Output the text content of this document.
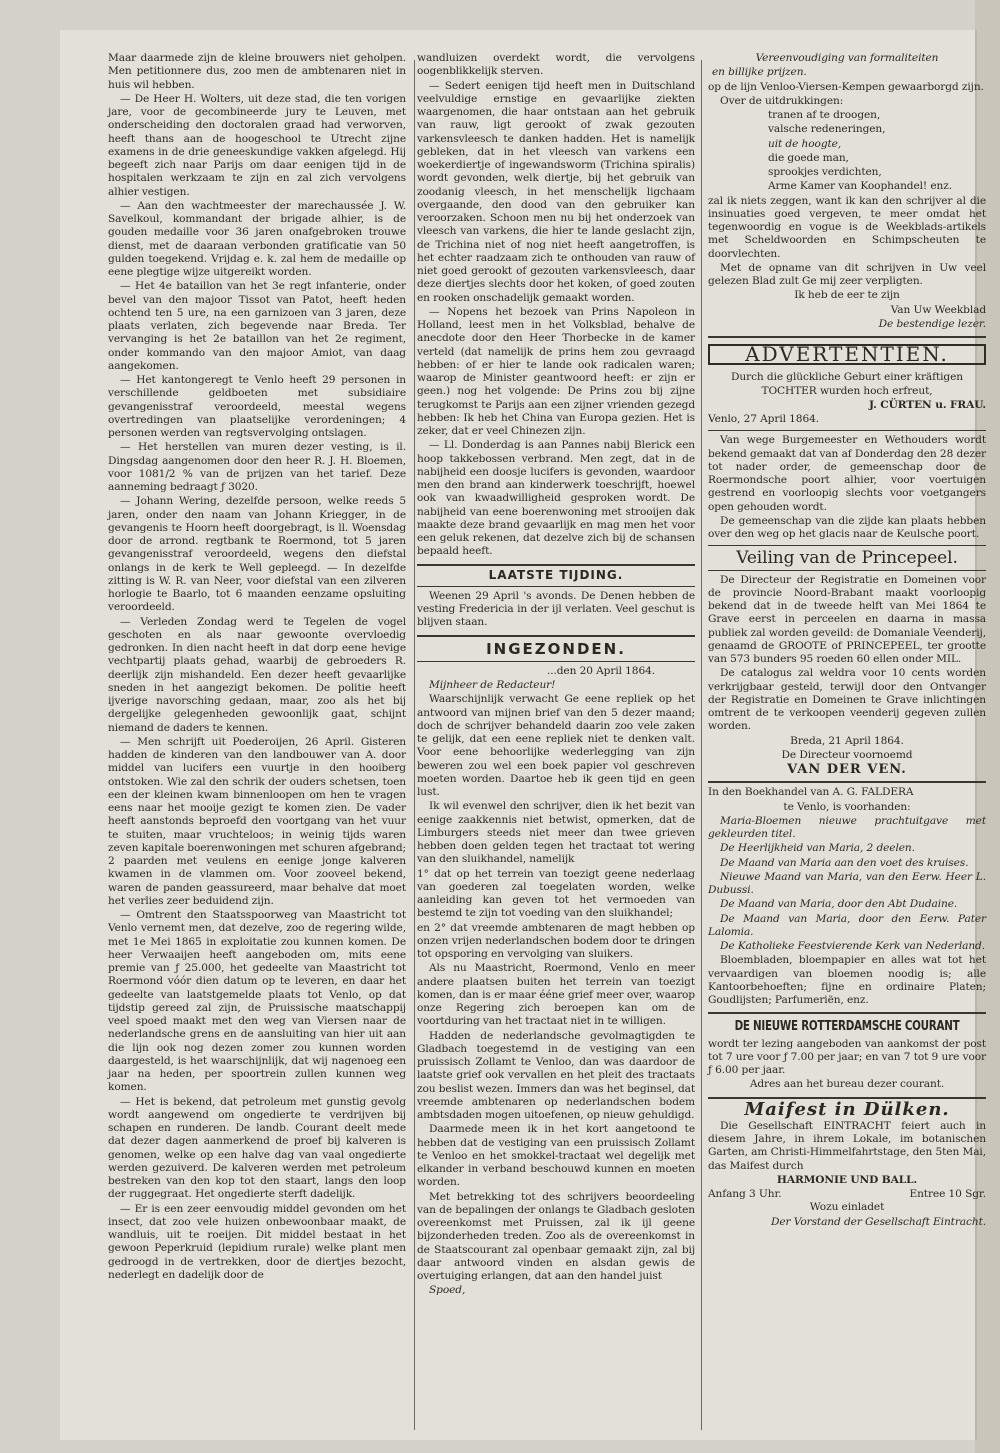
Maar daarmede zijn de kleine brouwers niet geholpen. Men petitionnere dus, zoo men de ambtenaren niet in huis wil hebben.

— De Heer H. Wolters, uit deze stad, die ten vorigen jare, voor de gecombineerde jury te Leuven, met onderscheiding den doctoralen graad had verworven, heeft thans aan de hoogeschool te Utrecht zijne examens in de drie geneeskundige vakken afgelegd. Hij begeeft zich naar Parijs om daar eenigen tijd in de hospitalen werkzaam te zijn en zal zich vervolgens alhier vestigen.

— Aan den wachtmeester der marechaussée J. W. Savelkoul, kommandant der brigade alhier, is de gouden medaille voor 36 jaren onafgebroken trouwe dienst, met de daaraan verbonden gratificatie van 50 gulden toegekend. Vrijdag e. k. zal hem de medaille op eene plegtige wijze uitgereikt worden.

— Het 4e bataillon van het 3e regt infanterie, onder bevel van den majoor Tissot van Patot, heeft heden ochtend ten 5 ure, na een garnizoen van 3 jaren, deze plaats verlaten, zich begevende naar Breda. Ter vervanging is het 2e bataillon van het 2e regiment, onder kommando van den majoor Amiot, van daag aangekomen.

— Het kantongeregt te Venlo heeft 29 personen in verschillende geldboeten met subsidiaire gevangenisstraf veroordeeld, meestal wegens overtredingen van plaatselijke verordeningen; 4 personen werden van regtsvervolging ontslagen.

— Het herstellen van muren dezer vesting, is il. Dingsdag aangenomen door den heer R. J. H. Bloemen, voor 1081/2 % van de prijzen van het tarief. Deze aanneming bedraagt ƒ 3020.

— Johann Wering, dezelfde persoon, welke reeds 5 jaren, onder den naam van Johann Kriegger, in de gevangenis te Hoorn heeft doorgebragt, is ll. Woensdag door de arrond. regtbank te Roermond, tot 5 jaren gevangenisstraf veroordeeld, wegens den diefstal onlangs in de kerk te Well gepleegd. — In dezelfde zitting is W. R. van Neer, voor diefstal van een zilveren horlogie te Baarlo, tot 6 maanden eenzame opsluiting veroordeeld.

— Verleden Zondag werd te Tegelen de vogel geschoten en als naar gewoonte overvloedig gedronken. In dien nacht heeft in dat dorp eene hevige vechtpartij plaats gehad, waarbij de gebroeders R. deerlijk zijn mishandeld. Een dezer heeft gevaarlijke sneden in het aangezigt bekomen. De politie heeft ijverige navorsching gedaan, maar, zoo als het bij dergelijke gelegenheden gewoonlijk gaat, schijnt niemand de daders te kennen.

— Men schrijft uit Poederoijen, 26 April. Gisteren hadden de kinderen van den landbouwer van A. door middel van lucifers een vuurtje in den hooiberg ontstoken. Wie zal den schrik der ouders schetsen, toen een der kleinen kwam binnenloopen om hen te vragen eens naar het mooije gezigt te komen zien. De vader heeft aanstonds beproefd den voortgang van het vuur te stuiten, maar vruchteloos; in weinig tijds waren zeven kapitale boerenwoningen met schuren afgebrand; 2 paarden met veulens en eenige jonge kalveren kwamen in de vlammen om. Voor zooveel bekend, waren de panden geassureerd, maar behalve dat moet het verlies zeer beduidend zijn.

— Omtrent den Staatsspoorweg van Maastricht tot Venlo vernemt men, dat dezelve, zoo de regering wilde, met 1e Mei 1865 in exploitatie zou kunnen komen. De heer Verwaaijen heeft aangeboden om, mits eene premie van ƒ 25.000, het gedeelte van Maastricht tot Roermond vóór dien datum op te leveren, en daar het gedeelte van laatstgemelde plaats tot Venlo, op dat tijdstip gereed zal zijn, de Pruissische maatschappij veel spoed maakt met den weg van Viersen naar de nederlandsche grens en de aansluiting van hier uit aan die lijn ook nog dezen zomer zou kunnen worden daargesteld, is het waarschijnlijk, dat wij nagenoeg een jaar na heden, per spoortrein zullen kunnen weg komen.

— Het is bekend, dat petroleum met gunstig gevolg wordt aangewend om ongedierte te verdrijven bij schapen en runderen. De landb. Courant deelt mede dat dezer dagen aanmerkend de proef bij kalveren is genomen, welke op een halve dag van vaal ongedierte werden gezuiverd. De kalveren werden met petroleum bestreken van den kop tot den staart, langs den loop der ruggegraat. Het ongedierte sterft dadelijk.

— Er is een zeer eenvoudig middel gevonden om het insect, dat zoo vele huizen onbewoonbaar maakt, de wandluis, uit te roeijen. Dit middel bestaat in het gewoon Peperkruid (lepidium rurale) welke plant men gedroogd in de vertrekken, door de diertjes bezocht, nederlegt en dadelijk door de

wandluizen overdekt wordt, die vervolgens oogenblikkelijk sterven.

— Sedert eenigen tijd heeft men in Duitschland veelvuldige ernstige en gevaarlijke ziekten waargenomen, die haar ontstaan aan het gebruik van rauw, ligt gerookt of zwak gezouten varkensvleesch te danken hadden. Het is namelijk gebleken, dat in het vleesch van varkens een woekerdiertje of ingewandsworm (Trichina spiralis) wordt gevonden, welk diertje, bij het gebruik van zoodanig vleesch, in het menschelijk ligchaam overgaande, den dood van den gebruiker kan veroorzaken. Schoon men nu bij het onderzoek van vleesch van varkens, die hier te lande geslacht zijn, de Trichina niet of nog niet heeft aangetroffen, is het echter raadzaam zich te onthouden van rauw of niet goed gerookt of gezouten varkensvleesch, daar deze diertjes slechts door het koken, of goed zouten en rooken onschadelijk gemaakt worden.

— Nopens het bezoek van Prins Napoleon in Holland, leest men in het Volksblad, behalve de anecdote door den Heer Thorbecke in de kamer verteld (dat namelijk de prins hem zou gevraagd hebben: of er hier te lande ook radicalen waren; waarop de Minister geantwoord heeft: er zijn er geen.) nog het volgende: De Prins zou bij zijne terugkomst te Parijs aan een zijner vrienden gezegd hebben: Ik heb het China van Europa gezien. Het is zeker, dat er veel Chinezen zijn.

— Ll. Donderdag is aan Pannes nabij Blerick een hoop takkebossen verbrand. Men zegt, dat in de nabijheid een doosje lucifers is gevonden, waardoor men den brand aan kinderwerk toeschrijft, hoewel ook van kwaadwilligheid gesproken wordt. De nabijheid van eene boerenwoning met strooijen dak maakte deze brand gevaarlijk en mag men het voor een geluk rekenen, dat dezelve zich bij de schansen bepaald heeft.

LAATSTE TIJDING.

Weenen 29 April 's avonds. De Denen hebben de vesting Fredericia in der ijl verlaten. Veel geschut is blijven staan.

INGEZONDEN.

...den 20 April 1864.

Mijnheer de Redacteur!

Waarschijnlijk verwacht Ge eene repliek op het antwoord van mijnen brief van den 5 dezer maand; doch de schrijver behandeld daarin zoo vele zaken te gelijk, dat een eene repliek niet te denken valt. Voor eene behoorlijke wederlegging van zijn beweren zou wel een boek papier vol geschreven moeten worden. Daartoe heb ik geen tijd en geen lust.

Ik wil evenwel den schrijver, dien ik het bezit van eenige zaakkennis niet betwist, opmerken, dat de Limburgers steeds niet meer dan twee grieven hebben doen gelden tegen het tractaat tot wering van den sluikhandel, namelijk

1° dat op het terrein van toezigt geene nederlaag van goederen zal toegelaten worden, welke aanleiding kan geven tot het vermoeden van bestemd te zijn tot voeding van den sluikhandel;

en 2° dat vreemde ambtenaren de magt hebben op onzen vrijen nederlandschen bodem door te dringen tot opsporing en vervolging van sluikers.

Als nu Maastricht, Roermond, Venlo en meer andere plaatsen buiten het terrein van toezigt komen, dan is er maar ééne grief meer over, waarop onze Regering zich beroepen kan om de voortduring van het tractaat niet in te willigen.

Hadden de nederlandsche gevolmagtigden te Gladbach toegestemd in de vestiging van een pruissisch Zollamt te Venloo, dan was daardoor de laatste grief ook vervallen en het pleit des tractaats zou beslist wezen. Immers dan was het beginsel, dat vreemde ambtenaren op nederlandschen bodem ambtsdaden mogen uitoefenen, op nieuw gehuldigd.

Daarmede meen ik in het kort aangetoond te hebben dat de vestiging van een pruissisch Zollamt te Venloo en het smokkel-tractaat wel degelijk met elkander in verband beschouwd kunnen en moeten worden.

Met betrekking tot des schrijvers beoordeeling van de bepalingen der onlangs te Gladbach gesloten overeenkomst met Pruissen, zal ik ijl geene bijzonderheden treden. Zoo als de overeenkomst in de Staatscourant zal openbaar gemaakt zijn, zal bij daar antwoord vinden en alsdan gewis de overtuiging erlangen, dat aan den handel juist

Spoed,

Vereenvoudiging van formaliteiten

en billijke prijzen.

op de lijn Venloo-Viersen-Kempen gewaarborgd zijn.

Over de uitdrukkingen:

tranen af te droogen,

valsche redeneringen,

uit de hoogte,

die goede man,

sprookjes verdichten,

Arme Kamer van Koophandel! enz.

zal ik niets zeggen, want ik kan den schrijver al die insinuaties goed vergeven, te meer omdat het tegenwoordig en vogue is de Weekblads-artikels met Scheldwoorden en Schimpscheuten te doorvlechten.

Met de opname van dit schrijven in Uw veel gelezen Blad zult Ge mij zeer verpligten.

Ik heb de eer te zijn

Van Uw Weekblad

De bestendige lezer.

ADVERTENTIEN.

Durch die glückliche Geburt einer kräftigen TOCHTER wurden hoch erfreut,

J. CÜRTEN u. FRAU.

Venlo, 27 April 1864.

Van wege Burgemeester en Wethouders wordt bekend gemaakt dat van af Donderdag den 28 dezer tot nader order, de gemeenschap door de Roermondsche poort alhier, voor voertuigen gestrend en voorloopig slechts voor voetgangers open gehouden wordt.

De gemeenschap van die zijde kan plaats hebben over den weg op het glacis naar de Keulsche poort.

Veiling van de Princepeel.

De Directeur der Registratie en Domeinen voor de provincie Noord-Brabant maakt voorloopig bekend dat in de tweede helft van Mei 1864 te Grave eerst in perceelen en daarna in massa publiek zal worden geveild: de Domaniale Veenderij, genaamd de GROOTE of PRINCEPEEL, ter grootte van 573 bunders 95 roeden 60 ellen onder MIL.

De catalogus zal weldra voor 10 cents worden verkrijgbaar gesteld, terwijl door den Ontvanger der Registratie en Domeinen te Grave inlichtingen omtrent de te verkoopen veenderij gegeven zullen worden.

Breda, 21 April 1864.

De Directeur voornoemd

VAN DER VEN.

In den Boekhandel van A. G. FALDERA

te Venlo, is voorhanden:

Maria-Bloemen nieuwe prachtuitgave met gekleurden titel.

De Heerlijkheid van Maria, 2 deelen.

De Maand van Maria aan den voet des kruises.

Nieuwe Maand van Maria, van den Eerw. Heer L. Dubussi.

De Maand van Maria, door den Abt Dudaine.

De Maand van Maria, door den Eerw. Pater Lalomia.

De Katholieke Feestvierende Kerk van Nederland.

Bloembladen, bloempapier en alles wat tot het vervaardigen van bloemen noodig is; alle Kantoorbehoeften; fijne en ordinaire Platen; Goudlijsten; Parfumeriën, enz.

DE NIEUWE ROTTERDAMSCHE COURANT

wordt ter lezing aangeboden van aankomst der post tot 7 ure voor ƒ 7.00 per jaar; en van 7 tot 9 ure voor ƒ 6.00 per jaar.

Adres aan het bureau dezer courant.

Maifest in Dülken.

Die Gesellschaft EINTRACHT feiert auch in diesem Jahre, in ihrem Lokale, im botanischen Garten, am Christi-Himmelfahrtstage, den 5ten Mai, das Maifest durch

HARMONIE UND BALL.

Anfang 3 Uhr.	Entree 10 Sgr.

Wozu einladet

Der Vorstand der Gesellschaft Eintracht.
